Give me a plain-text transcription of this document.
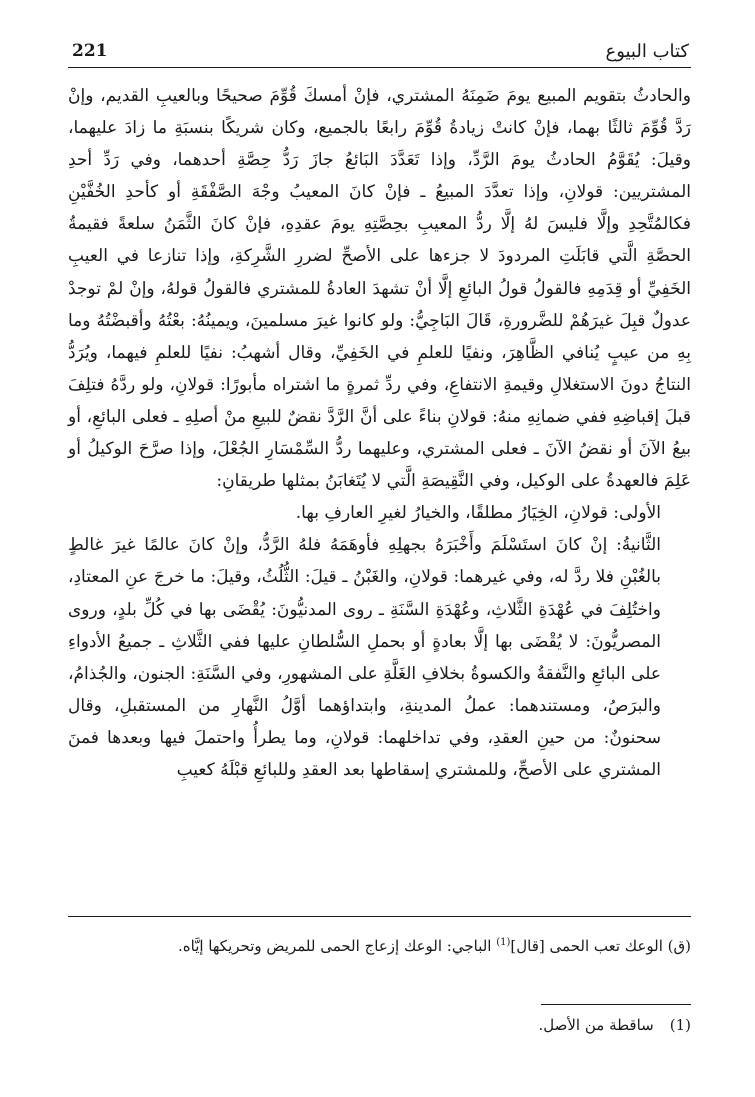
221	كتاب البيوع

والحادثُ بتقويم المبيع يومَ ضَمِنَهُ المشتري، فإنْ أمسكَ قُوِّمَ صحيحًا وبالعيبِ القديم، وإنْ رَدَّ قُوِّمَ ثالثًا بهما، فإنْ كانتْ زيادةُ قُوِّمَ رابعًا بالجميع، وكان شريكًا بنسبَةِ ما زادَ عليهما، وقيلَ: يُقَوَّمُ الحادثُ يومَ الرَّدِّ، وإذا تَعَدَّدَ البَائعُ جازَ رَدُّ حِصَّةِ أحدهما، وفي رَدِّ أحدِ المشتريين: قولانِ، وإذا تعدَّدَ المبيعُ ـ فإنْ كانَ المعيبُ وجْهَ الصَّفْقَةِ أو كأحدِ الخُفَّيْنِ فكالمُتَّحِدِ وإلَّا فليسَ لهُ إلَّا ردُّ المعيبِ بحِصَّتِهِ يومَ عقدِهِ، فإنْ كانَ الثَّمَنُ سلعةً فقيمةُ الحصَّةِ الَّتي قابَلَتِ المردودَ لا جزءها على الأصحِّ لضررِ الشَّرِكةِ، وإذا تنازعا في العيبِ الخَفِيِّ أو قِدَمِهِ فالقولُ قولُ البائعِ إلَّا أنْ تشهدَ العادةُ للمشتري فالقولُ قولهُ، وإنْ لمْ توجدْ عدولٌ قبِلَ غيرَهُمْ للضَّرورةِ، قَالَ البَاجِيُّ: ولو كانوا غيرَ مسلمينَ، ويمينُهُ: بعْتُهُ وأقبضْتُهُ وما بِهِ من عيبٍ يُنافي الظَّاهِرَ، ونفيًا للعلمِ في الخَفِيِّ، وقال أشهبُ: نفيًا للعلمِ فيهما، ويُرَدُّ النتاجُ دونَ الاستغلالِ وقيمةِ الانتفاعِ، وفي ردِّ ثمرةٍ ما اشتراه مأبورًا: قولانِ، ولو ردَّهُ فتلِفَ قبلَ إقباضِهِ ففي ضمانِهِ منهُ: قولانِ بناءً على أنَّ الرَّدَّ نقضٌ للبيعِ منْ أصلِهِ ـ فعلى البائعِ، أو بيعُ الآنَ أو نقضُ الآنَ ـ فعلى المشتري، وعليهما ردُّ السِّمْسَارِ الجُعْلَ، وإذا صرَّحَ الوكيلُ أو عَلِمَ فالعهدةُ على الوكيل، وفي النَّقِيصَةِ الَّتي لا يُتَغابَنُ بمثلها طريقانِ:

الأولى: قولانِ، الخِيَارُ مطلقًا، والخيارُ لغيرِ العارفِ بها.

الثَّانيةُ: إنْ كانَ استَسْلَمَ وأَخْبَرَهُ بجهلِهِ فأوهَمَهُ فلهُ الرَّدُّ، وإنْ كانَ عالمًا غيرَ غالطٍ بالغُبْنِ فلا ردَّ له، وفي غيرهما: قولانِ، والغَبْنُ ـ قيلَ: الثُّلُثُ، وقيلَ: ما خرجَ عنِ المعتادِ، واختُلِفَ في عُهْدَةِ الثَّلاثِ، وعُهْدَةِ السَّنَةِ ـ روى المدنيُّونَ: يُقْضَى بها في كُلِّ بلدٍ، وروى المصريُّونَ: لا يُقْضَى بها إلَّا بعادةٍ أو بحملِ السُّلطانِ عليها ففي الثَّلاثِ ـ جميعُ الأدواءِ على البائعِ والنَّفقةُ والكسوةُ بخلافِ الغَلَّةِ على المشهورِ، وفي السَّنَةِ: الجنون، والجُذامُ، والبرَصُ، ومستندهما: عملُ المدينةِ، وابتداؤهما أوَّلُ النَّهارِ من المستقبلِ، وقال سحنونٌ: من حينِ العقدِ، وفي تداخلهما: قولانِ، وما يطرأُ واحتملَ فيها وبعدها فمنَ المشتري على الأصحِّ، وللمشتري إسقاطها بعد العقدِ وللبائعِ قبْلَهُ كعيبِ

(ق) الوعك تعب الحمى [قال]$^{(1)}$ الباجي: الوعك إزعاج الحمى للمريض وتحريكها إيَّاه.
(1)ساقطة من الأصل.
